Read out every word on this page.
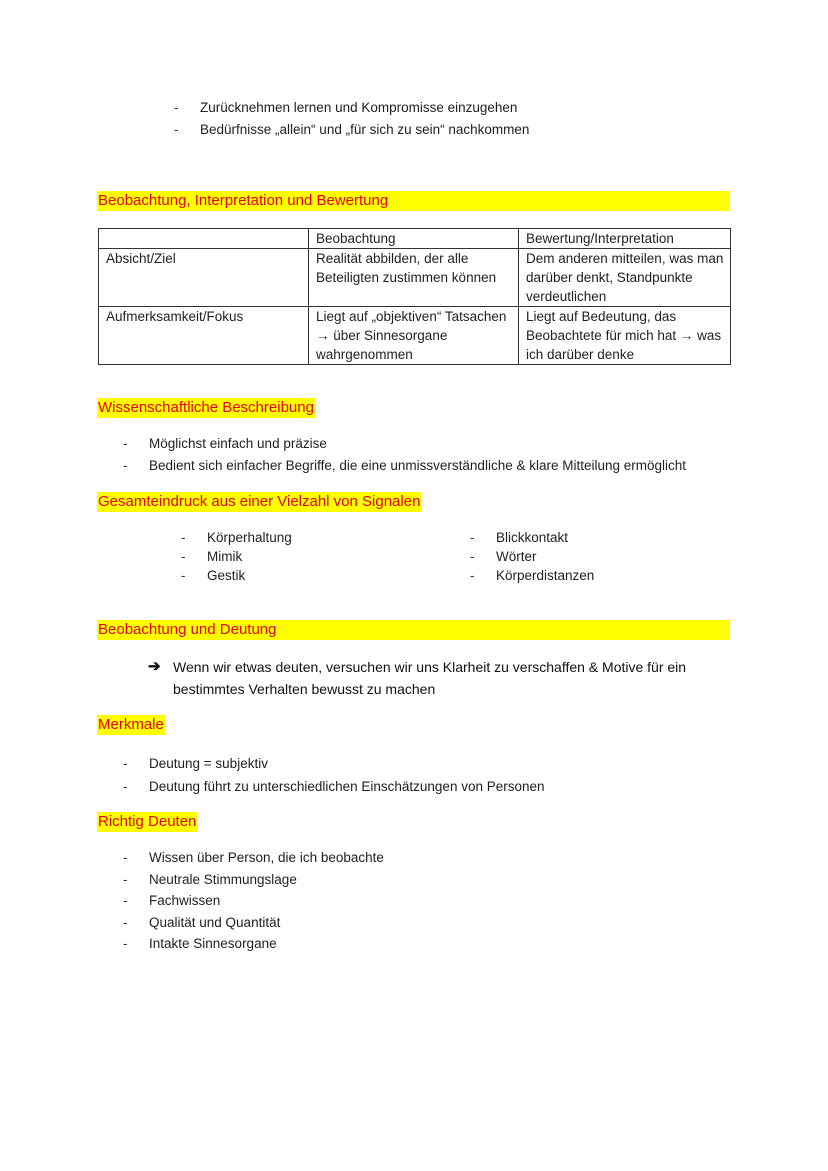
-	Zurücknehmen lernen und Kompromisse einzugehen
-	Bedürfnisse „allein“ und „für sich zu sein“ nachkommen
Beobachtung, Interpretation und Bewertung
	Beobachtung	Bewertung/Interpretation
Absicht/Ziel	Realität abbilden, der alle Beteiligten zustimmen können	Dem anderen mitteilen, was man darüber denkt, Standpunkte verdeutlichen
Aufmerksamkeit/Fokus	Liegt auf „objektiven“ Tatsachen → über Sinnesorgane wahrgenommen	Liegt auf Bedeutung, das Beobachtete für mich hat → was ich darüber denke
Wissenschaftliche Beschreibung
-	Möglichst einfach und präzise
-	Bedient sich einfacher Begriffe, die eine unmissverständliche & klare Mitteilung ermöglicht
Gesamteindruck aus einer Vielzahl von Signalen
-	Körperhaltung
-	Mimik
-	Gestik
-	Blickkontakt
-	Wörter
-	Körperdistanzen
Beobachtung und Deutung
➔ Wenn wir etwas deuten, versuchen wir uns Klarheit zu verschaffen & Motive für ein bestimmtes Verhalten bewusst zu machen
Merkmale
-	Deutung = subjektiv
-	Deutung führt zu unterschiedlichen Einschätzungen von Personen
Richtig Deuten
-	Wissen über Person, die ich beobachte
-	Neutrale Stimmungslage
-	Fachwissen
-	Qualität und Quantität
-	Intakte Sinnesorgane
